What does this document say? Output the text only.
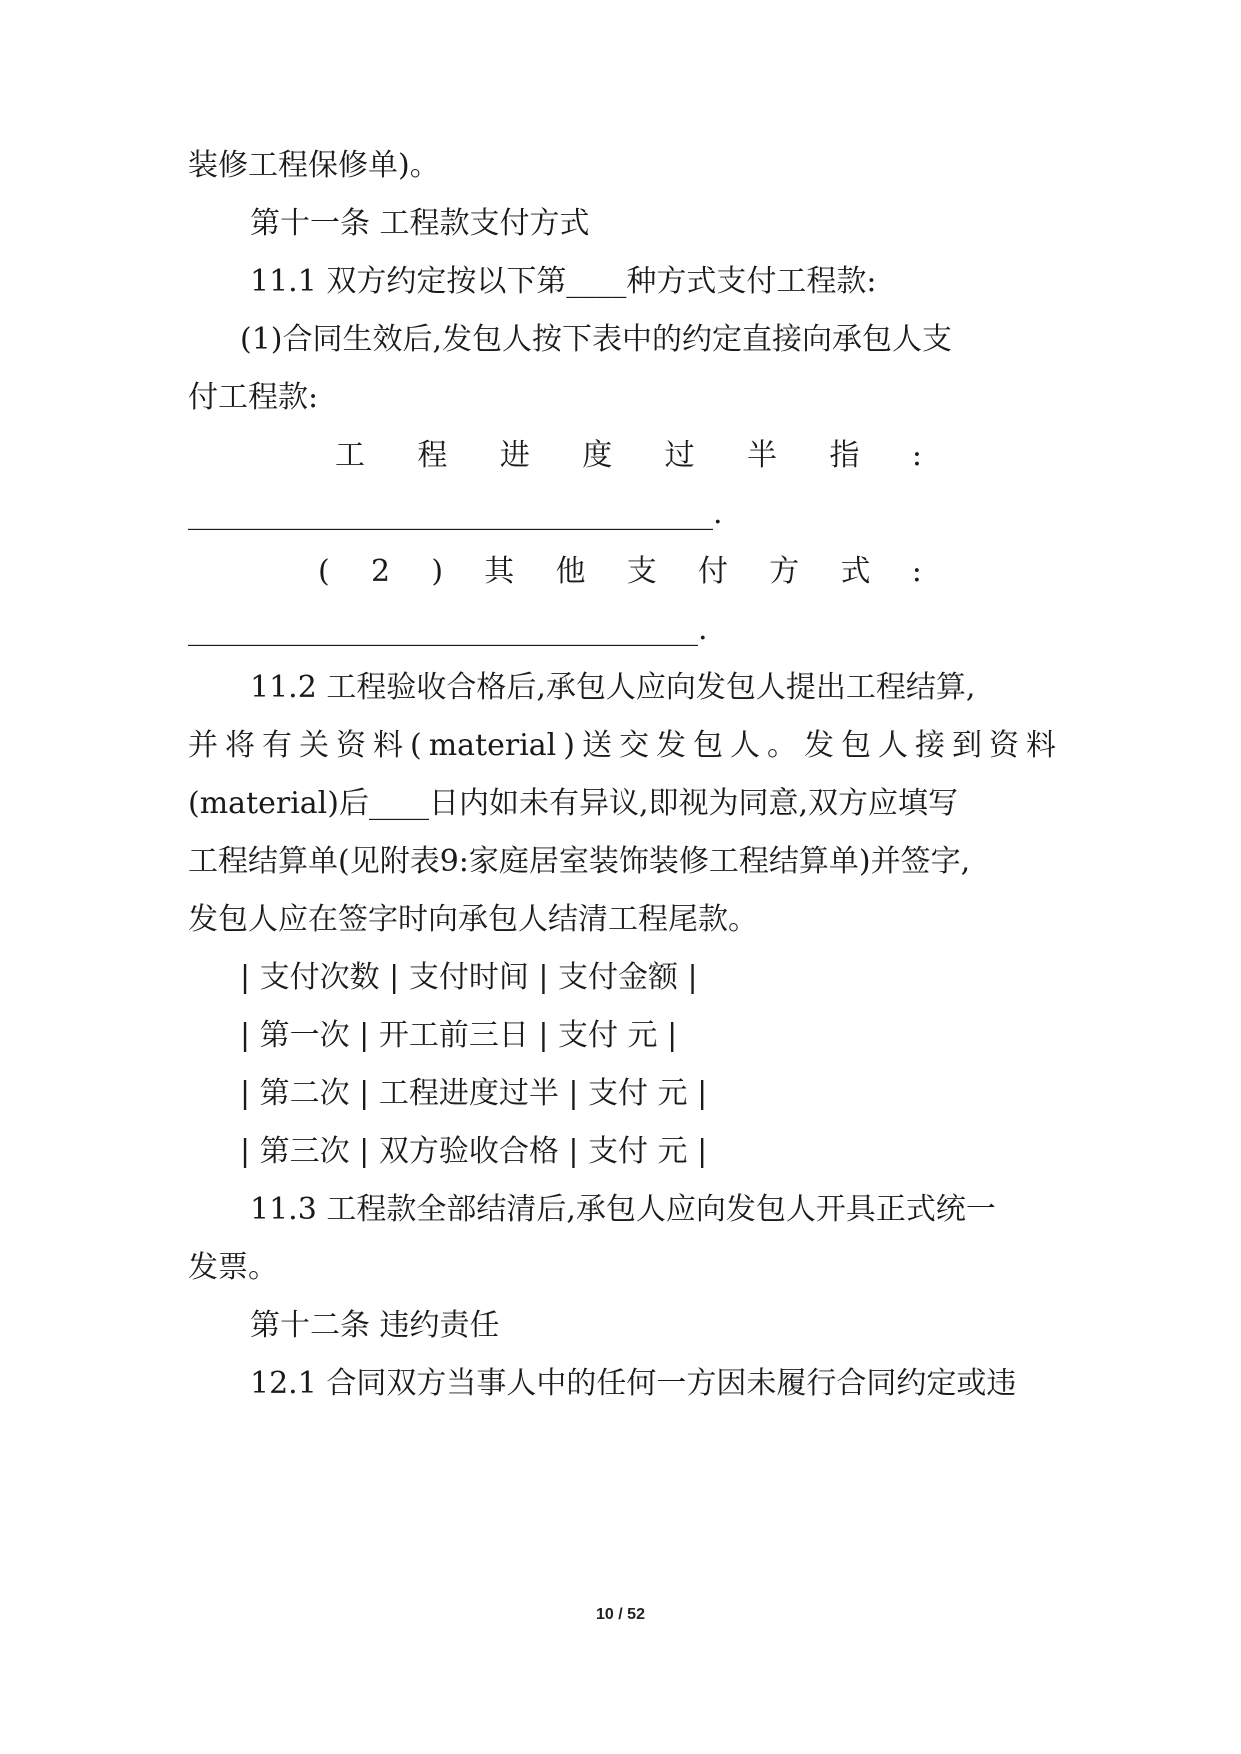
装修工程保修单)。
第十一条 工程款支付方式
11.1 双方约定按以下第____种方式支付工程款:
(1)合同生效后,发包人按下表中的约定直接向承包人支
付工程款:
工 程 进 度 过 半 指 :
___________________________________.
( 2 ) 其 他 支 付 方 式 :
__________________________________.
11.2 工程验收合格后,承包人应向发包人提出工程结算,
并 将 有 关 资 料 ( material ) 送 交 发 包 人 。 发 包 人 接 到 资 料
(material)后____日内如未有异议,即视为同意,双方应填写
工程结算单(见附表9:家庭居室装饰装修工程结算单)并签字,
发包人应在签字时向承包人结清工程尾款。
| 支付次数 | 支付时间 | 支付金额 |
| 第一次 | 开工前三日 | 支付 元 |
| 第二次 | 工程进度过半 | 支付 元 |
| 第三次 | 双方验收合格 | 支付 元 |
11.3 工程款全部结清后,承包人应向发包人开具正式统一
发票。
第十二条 违约责任
12.1 合同双方当事人中的任何一方因未履行合同约定或违
10 / 52
